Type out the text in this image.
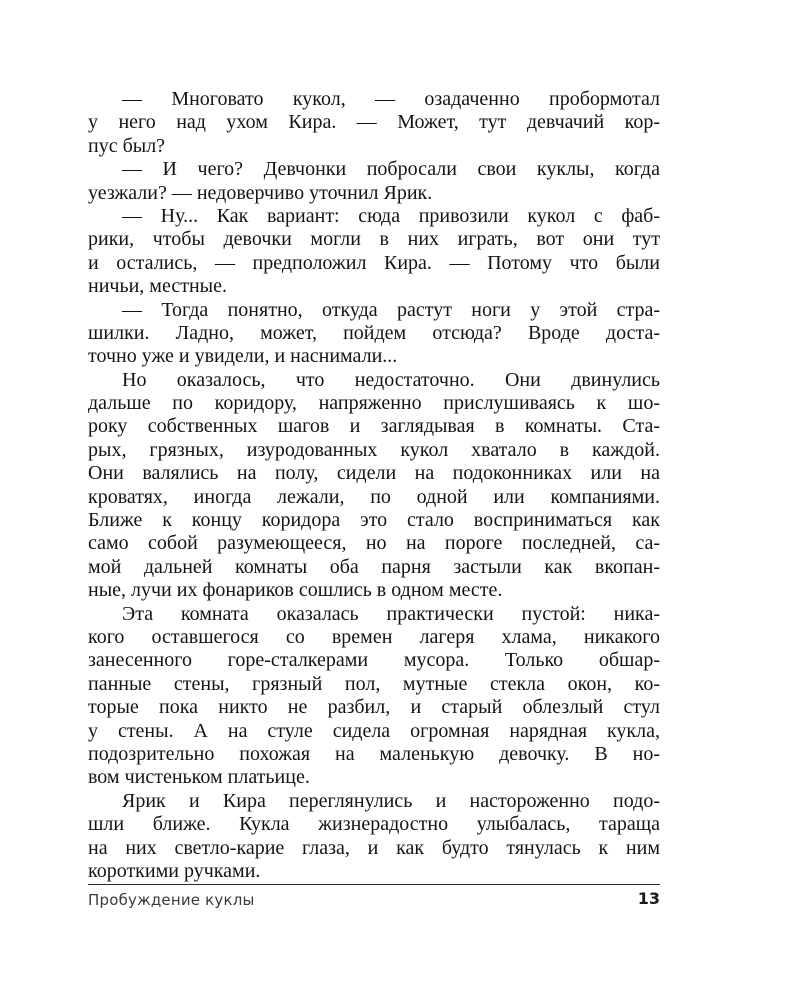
— Многовато кукол, — озадаченно пробормотал
у него над ухом Кира. — Может, тут девчачий кор-
пус был?
— И чего? Девчонки побросали свои куклы, когда
уезжали? — недоверчиво уточнил Ярик.
— Ну... Как вариант: сюда привозили кукол с фаб-
рики, чтобы девочки могли в них играть, вот они тут
и остались, — предположил Кира. — Потому что были
ничьи, местные.
— Тогда понятно, откуда растут ноги у этой стра-
шилки. Ладно, может, пойдем отсюда? Вроде доста-
точно уже и увидели, и наснимали...
Но оказалось, что недостаточно. Они двинулись
дальше по коридору, напряженно прислушиваясь к шо-
року собственных шагов и заглядывая в комнаты. Ста-
рых, грязных, изуродованных кукол хватало в каждой.
Они валялись на полу, сидели на подоконниках или на
кроватях, иногда лежали, по одной или компаниями.
Ближе к концу коридора это стало восприниматься как
само собой разумеющееся, но на пороге последней, са-
мой дальней комнаты оба парня застыли как вкопан-
ные, лучи их фонариков сошлись в одном месте.
Эта комната оказалась практически пустой: ника-
кого оставшегося со времен лагеря хлама, никакого
занесенного горе-сталкерами мусора. Только обшар-
панные стены, грязный пол, мутные стекла окон, ко-
торые пока никто не разбил, и старый облезлый стул
у стены. А на стуле сидела огромная нарядная кукла,
подозрительно похожая на маленькую девочку. В но-
вом чистеньком платьице.
Ярик и Кира переглянулись и настороженно подо-
шли ближе. Кукла жизнерадостно улыбалась, тараща
на них светло-карие глаза, и как будто тянулась к ним
короткими ручками.
Пробуждение куклы	13
